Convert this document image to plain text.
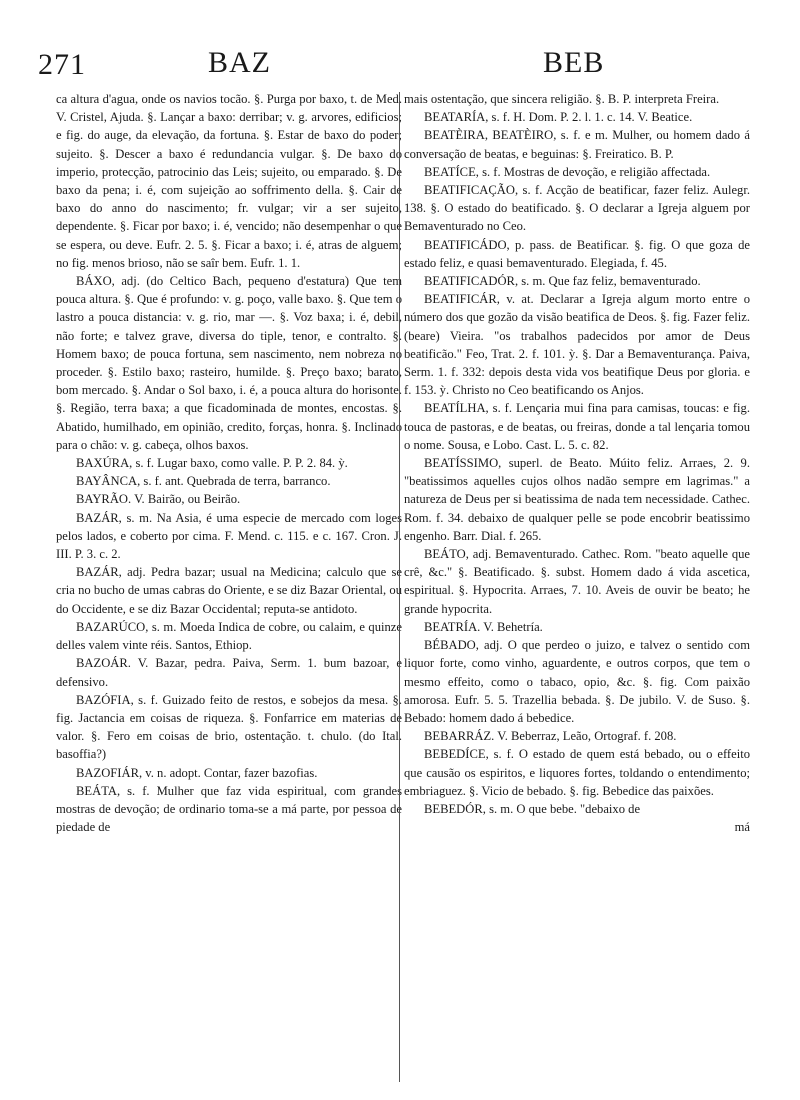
271	BAZ	BEB

ca altura d'agua, onde os navios tocão. §. Purga por baxo, t. de Med. V. Cristel, Ajuda. §. Lançar a baxo: derribar; v. g. arvores, edificios; e fig. do auge, da elevação, da fortuna. §. Estar de baxo do poder; sujeito. §. Descer a baxo é redundancia vulgar. §. De baxo do imperio, protecção, patrocinio das Leis; sujeito, ou emparado. §. De baxo da pena; i. é, com sujeição ao soffrimento della. §. Cair de baxo do anno do nascimento; fr. vulgar; vir a ser sujeito, dependente. §. Ficar por baxo; i. é, vencido; não desempenhar o que se espera, ou deve. Eufr. 2. 5. §. Ficar a baxo; i. é, atras de alguem; no fig. menos brioso, não se saîr bem. Eufr. 1. 1.

BÁXO, adj. (do Celtico Bach, pequeno d'estatura) Que tem pouca altura. §. Que é profundo: v. g. poço, valle baxo. §. Que tem o lastro a pouca distancia: v. g. rio, mar —. §. Voz baxa; i. é, debil, não forte; e talvez grave, diversa do tiple, tenor, e contralto. §. Homem baxo; de pouca fortuna, sem nascimento, nem nobreza no proceder. §. Estilo baxo; rasteiro, humilde. §. Preço baxo; barato, bom mercado. §. Andar o Sol baxo, i. é, a pouca altura do horisonte. §. Região, terra baxa; a que ficadominada de montes, encostas. §. Abatido, humilhado, em opinião, credito, forças, honra. §. Inclinado para o chão: v. g. cabeça, olhos baxos.

BAXÚRA, s. f. Lugar baxo, como valle. P. P. 2. 84. ỳ.

BAYÂNCA, s. f. ant. Quebrada de terra, barranco.

BAYRÃO. V. Bairão, ou Beirão.

BAZÁR, s. m. Na Asia, é uma especie de mercado com loges pelos lados, e coberto por cima. F. Mend. c. 115. e c. 167. Cron. J. III. P. 3. c. 2.

BAZÁR, adj. Pedra bazar; usual na Medicina; calculo que se cria no bucho de umas cabras do Oriente, e se diz Bazar Oriental, ou do Occidente, e se diz Bazar Occidental; reputa-se antidoto.

BAZARÚCO, s. m. Moeda Indica de cobre, ou calaim, e quinze delles valem vinte réis. Santos, Ethiop.

BAZOÁR. V. Bazar, pedra. Paiva, Serm. 1. bum bazoar, e defensivo.

BAZÓFIA, s. f. Guizado feito de restos, e sobejos da mesa. §. fig. Jactancia em coisas de riqueza. §. Fonfarrice em materias de valor. §. Fero em coisas de brio, ostentação. t. chulo. (do Ital. basoffia?)

BAZOFIÁR, v. n. adopt. Contar, fazer bazofias.

BEÁTA, s. f. Mulher que faz vida espiritual, com grandes mostras de devoção; de ordinario toma-se a má parte, por pessoa de piedade de

mais ostentação, que sincera religião. §. B. P. interpreta Freira.

BEATARÍA, s. f. H. Dom. P. 2. l. 1. c. 14. V. Beatice.

BEATÈIRA, BEATÈIRO, s. f. e m. Mulher, ou homem dado á conversação de beatas, e beguinas: §. Freiratico. B. P.

BEATÍCE, s. f. Mostras de devoção, e religião affectada.

BEATIFICAÇÃO, s. f. Acção de beatificar, fazer feliz. Aulegr. 138. §. O estado do beatificado. §. O declarar a Igreja alguem por Bemaventurado no Ceo.

BEATIFICÁDO, p. pass. de Beatificar. §. fig. O que goza de estado feliz, e quasi bemaventurado. Elegiada, f. 45.

BEATIFICADÓR, s. m. Que faz feliz, bemaventurado.

BEATIFICÁR, v. at. Declarar a Igreja algum morto entre o número dos que gozão da visão beatifica de Deos. §. fig. Fazer feliz. (beare) Vieira. "os trabalhos padecidos por amor de Deus beatificão." Feo, Trat. 2. f. 101. ỳ. §. Dar a Bemaventurança. Paiva, Serm. 1. f. 332: depois desta vida vos beatifique Deus por gloria. e f. 153. ỳ. Christo no Ceo beatificando os Anjos.

BEATÍLHA, s. f. Lençaria mui fina para camisas, toucas: e fig. touca de pastoras, e de beatas, ou freiras, donde a tal lençaria tomou o nome. Sousa, e Lobo. Cast. L. 5. c. 82.

BEATÍSSIMO, superl. de Beato. Múito feliz. Arraes, 2. 9. "beatissimos aquelles cujos olhos nadão sempre em lagrimas." a natureza de Deus per si beatissima de nada tem necessidade. Cathec. Rom. f. 34. debaixo de qualquer pelle se pode encobrir beatissimo engenho. Barr. Dial. f. 265.

BEÁTO, adj. Bemaventurado. Cathec. Rom. "beato aquelle que crê, &c." §. Beatificado. §. subst. Homem dado á vida ascetica, espiritual. §. Hypocrita. Arraes, 7. 10. Aveis de ouvir be beato; he grande hypocrita.

BEATRÍA. V. Behetría.

BÉBADO, adj. O que perdeo o juizo, e talvez o sentido com liquor forte, como vinho, aguardente, e outros corpos, que tem o mesmo effeito, como o tabaco, opio, &c. §. fig. Com paixão amorosa. Eufr. 5. 5. Trazellia bebada. §. De jubilo. V. de Suso. §. Bebado: homem dado á bebedice.

BEBARRÁZ. V. Beberraz, Leão, Ortograf. f. 208.

BEBEDÍCE, s. f. O estado de quem está bebado, ou o effeito que causão os espiritos, e liquores fortes, toldando o entendimento; embriaguez. §. Vicio de bebado. §. fig. Bebedice das paixões.

BEBEDÓR, s. m. O que bebe. "debaixo de

má
